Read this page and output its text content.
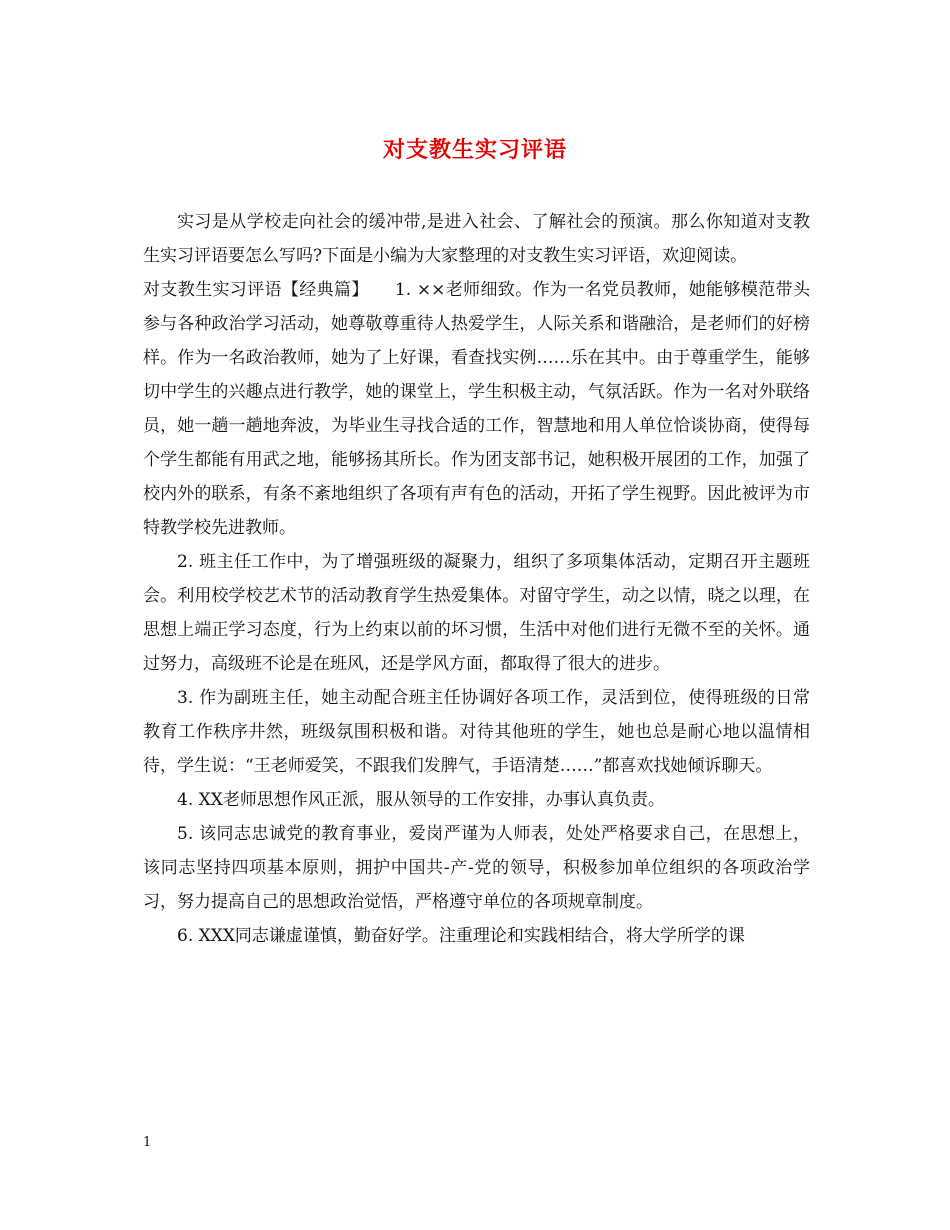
对支教生实习评语

实习是从学校走向社会的缓冲带,是进入社会、了解社会的预演。那么你知道对支教生实习评语要怎么写吗?下面是小编为大家整理的对支教生实习评语，欢迎阅读。

对支教生实习评语【经典篇】　　1. ××老师细致。作为一名党员教师，她能够模范带头参与各种政治学习活动，她尊敬尊重待人热爱学生，人际关系和谐融洽，是老师们的好榜样。作为一名政治教师，她为了上好课，看查找实例……乐在其中。由于尊重学生，能够切中学生的兴趣点进行教学，她的课堂上，学生积极主动，气氛活跃。作为一名对外联络员，她一趟一趟地奔波，为毕业生寻找合适的工作，智慧地和用人单位恰谈协商，使得每个学生都能有用武之地，能够扬其所长。作为团支部书记，她积极开展团的工作，加强了校内外的联系，有条不紊地组织了各项有声有色的活动，开拓了学生视野。因此被评为市特教学校先进教师。

2. 班主任工作中，为了增强班级的凝聚力，组织了多项集体活动，定期召开主题班会。利用校学校艺术节的活动教育学生热爱集体。对留守学生，动之以情，晓之以理，在思想上端正学习态度，行为上约束以前的坏习惯，生活中对他们进行无微不至的关怀。通过努力，高级班不论是在班风，还是学风方面，都取得了很大的进步。

3. 作为副班主任，她主动配合班主任协调好各项工作，灵活到位，使得班级的日常教育工作秩序井然，班级氛围积极和谐。对待其他班的学生，她也总是耐心地以温情相待，学生说：“王老师爱笑，不跟我们发脾气，手语清楚……”都喜欢找她倾诉聊天。

4. XX老师思想作风正派，服从领导的工作安排，办事认真负责。

5. 该同志忠诚党的教育事业，爱岗严谨为人师表，处处严格要求自己，在思想上，该同志坚持四项基本原则，拥护中国共-产-党的领导，积极参加单位组织的各项政治学习，努力提高自己的思想政治觉悟，严格遵守单位的各项规章制度。

6. XXX同志谦虚谨慎，勤奋好学。注重理论和实践相结合，将大学所学的课

1
